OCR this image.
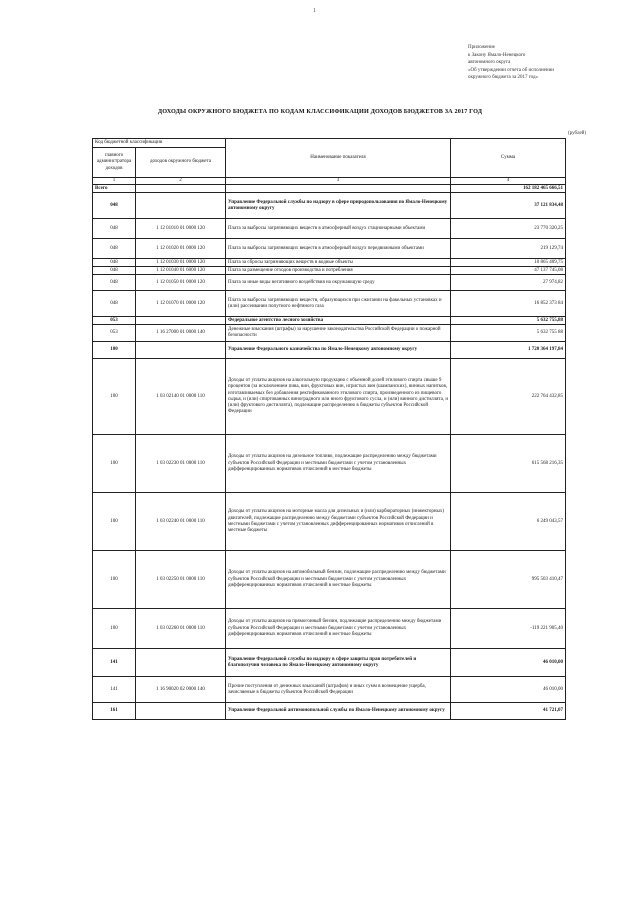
1
Приложение
к Закону Ямало-Ненецкого
автономного округа
«Об утверждении отчета об исполнении
окружного бюджета за 2017 год»
ДОХОДЫ ОКРУЖНОГО БЮДЖЕТА ПО КОДАМ КЛАССИФИКАЦИИ ДОХОДОВ БЮДЖЕТОВ ЗА 2017 ГОД
(рублей)
Код бюджетной классификации		Наименование показателя	Сумма
главного администратора доходов	доходов окружного бюджета		
1	2	3	4
Всего			162 182 465 666,51
048		Управление Федеральной службы по надзору в сфере природопользования по Ямало-Ненецкому автономному округу	37 121 834,48
048	1 12 01010 01 0000 120	Плата за выбросы загрязняющих веществ в атмосферный воздух стационарными объектами	23 770 320,25
048	1 12 01020 01 0000 120	Плата за выбросы загрязняющих веществ в атмосферный воздух передвижными объектами	219 129,74
048	1 12 01030 01 0000 120	Плата за сбросы загрязняющих веществ в водные объекты	10 865 409,75
048	1 12 01040 01 6000 120	Плата за размещение отходов производства и потребления	47 137 745,08
048	1 12 01050 01 0000 120	Плата за иные виды негативного воздействия на окружающую среду	27 974,82
048	1 12 01070 01 0000 120	Плата за выбросы загрязняющих веществ, образующихся при сжигании на факельных установках и (или) рассеивании попутного нефтяного газа	16 852 373 84
053		Федеральное агентство лесного хозяйства	5 632 755,88
053	1 16 27000 01 0000 140	Денежные взыскания (штрафы) за нарушение законодательства Российской Федерации о пожарной безопасности	5 632 755 88
100		Управление Федерального казначейства по Ямало-Ненецкому автономному округу	1 720 364 197,84
100	1 03 02140 01 0000 110	Доходы от уплаты акцизов на алкогольную продукцию с объемной долей этилового спирта свыше 9 процентов (за исключением пива, вин, фруктовых вин, игристых вин (шампанских), винных напитков, изготавливаемых без добавления ректификованного этилового спирта, произведенного из пищевого сырья, и (или) спиртованных виноградного или иного фруктового сусла, и (или) винного дистиллята, и (или) фруктового дистиллята), подлежащие распределению в бюджеты субъектов Российской Федерации	222 764 432,85
100	1 03 02230 01 0000 110	Доходы от уплаты акцизов на дизельное топливо, подлежащие распределению между бюджетами субъектов Российской Федерации и местными бюджетами с учетом установленных дифференцированных нормативов отчислений в местные бюджеты	615 568 216,35
100	1 03 02240 01 0000 110	Доходы от уплаты акцизов на моторные масла для дизельных и (или) карбюраторных (инжекторных) двигателей, подлежащие распределению между бюджетами субъектов Российской Федерации и местными бюджетами с учетом установленных дифференцированных нормативов отчислений в местные бюджеты	6 249 043,57
100	1 03 02250 01 0000 110	Доходы от уплаты акцизов на автомобильный бензин, подлежащие распределению между бюджетами субъектов Российской Федерации и местными бюджетами с учетом установленных дифференцированных нормативов отчислений в местные бюджеты	995 503 410,47
100	1 03 02260 01 0000 110	Доходы от уплаты акцизов на прямогонный бензин, подлежащие распределению между бюджетами субъектов Российской Федерации и местными бюджетами с учетом установленных дифференцированных нормативов отчислений в местные бюджеты	-119 221 905,40
141		Управление Федеральной службы по надзору в сфере защиты прав потребителей и благополучия человека по Ямало-Ненецкому автономному округу	46 010,00
141	1 16 90020 02 0000 140	Прочие поступления от денежных взысканий (штрафов) и иных сумм в возмещение ущерба, зачисляемые в бюджеты субъектов Российской Федерации	46 010,00
161		Управление Федеральной антимонопольной службы по Ямало-Ненецкому автономному округу	41 721,07
